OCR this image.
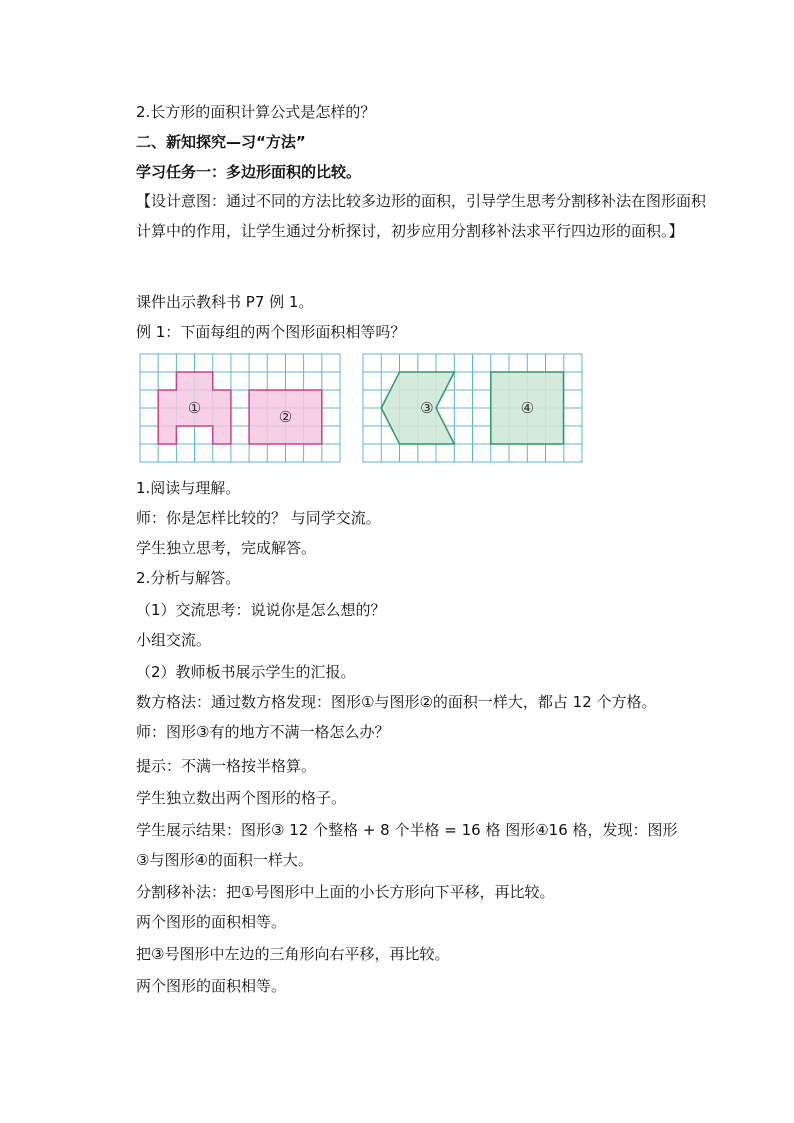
2.长方形的面积计算公式是怎样的？
二、新知探究—习“方法”
学习任务一：多边形面积的比较。
【设计意图：通过不同的方法比较多边形的面积，引导学生思考分割移补法在图形面积计算中的作用，让学生通过分析探讨，初步应用分割移补法求平行四边形的面积。】
课件出示教科书 P7 例 1。
例 1：下面每组的两个图形面积相等吗？
①	②	③	④
1.阅读与理解。
师：你是怎样比较的？ 与同学交流。
学生独立思考，完成解答。
2.分析与解答。
（1）交流思考：说说你是怎么想的？
小组交流。
（2）教师板书展示学生的汇报。
数方格法：通过数方格发现：图形①与图形②的面积一样大，都占 12 个方格。
师：图形③有的地方不满一格怎么办？
提示：不满一格按半格算。
学生独立数出两个图形的格子。
学生展示结果：图形③ 12 个整格 + 8 个半格 = 16 格 图形④16 格，发现：图形
③与图形④的面积一样大。
分割移补法：把①号图形中上面的小长方形向下平移，再比较。
两个图形的面积相等。
把③号图形中左边的三角形向右平移，再比较。
两个图形的面积相等。
